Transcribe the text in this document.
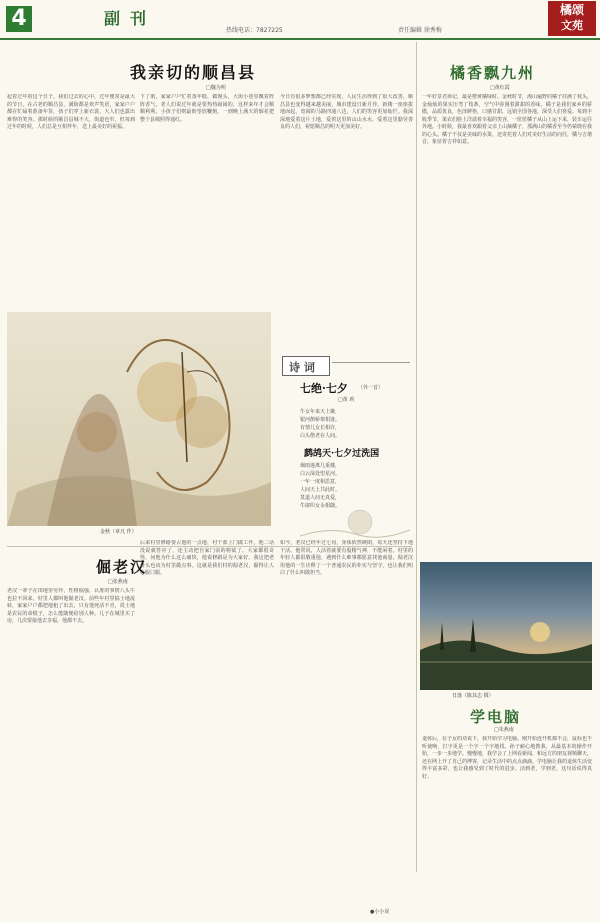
4	副刊
热线电话：7827225	责任编辑 徐秀梅
橘颂
文苑
我亲切的顺昌县
□魏为明
起着过年的这个日子，我们过去的心中，过年便常是最大的节日，在古老的顺昌县，满街都是欢声笑语，家家户户都在忙碌着准备年货，孩子们穿上新衣裳，大人们也露出难得的笑容。那时候的顺昌县城不大，街道也窄，但每到过年的时候，人们总是互相拜年，送上最美好的祝福。
下了雨，家家户户忙着蒸年糕，做馒头，大街小巷里飘着阵阵香气，老人们说过年就是要热热闹闹的，这样来年才会顺顺利利。小孩子们则最盼望放鞭炮，一到晚上满天的烟花把整个县城照得通红。
今日有很多梦想都已经实现，人民生活得到了很大改善，顺昌县也变得越来越美丽，城市建设日新月异，新楼一座座拔地而起，宽阔的马路四通八达，人们的笑容更加灿烂。我深深地爱着这片土地，爱着这里的山山水水，爱着这里勤劳善良的人们，祝愿顺昌的明天更加美好。
金秋（章凡 作）
诗 词
七绝·七夕 （外一首）
□黄 莉
牛女年来天上聚，
银河鹊桥架相逢。
有情儿女长相许，
白头偕老在人间。
鹧鸪天·七夕过洗国
烟雨迷离几重楼，
白云深处望星河。
一年一度相思意，
人间天上共此时。
莫道人间无真爱，
牛郎织女永相随。
橘香飘九州
□黄红霞
一年好景君须记，最是橙黄橘绿时。金秋时节，漫山遍野的橘子挂满了枝头，金灿灿的果实压弯了枝条，空气中弥漫着甜甜的香味。橘子是我们家乡的骄傲，品质优良，色泽鲜艳，口感甘甜，远销全国各地，深受人们喜爱。每到丰收季节，果农们脸上洋溢着幸福的笑容，一筐筐橘子从山上运下来，装车运往外地。小时候，我最喜欢跟着父亲上山摘橘子，那满山的橘香至今仍萦绕在我的心头。橘子不仅是美味的水果，还寄托着人们对美好生活的向往，橘与吉谐音，象征着吉祥如意。
倔老汉
□张燕南
老汉一辈子在田地里劳作，性格倔强，认准的事情八头牛也拉不回来。村里人都叫他倔老汉。前些年村里搞土地流转，家家户户都把地租了出去，只有他死活不肯，说土地是农民的命根子，怎么能随便给别人种。儿子在城里买了房，几次要接他去享福，他都不去。
后来村里修路要占他的一点地，村干部上门做工作，他二话没说就答应了，还主动把自家门前的树砍了。大家都很奇怪，问他为什么这么痛快，他说修路是为大家好，我这把老骨头也该为村里做点事。这就是我们村的倔老汉，倔得让人心服口服。
如今，老汉已经年过七旬，身体依然硬朗，每天还坚持下地干活。他常说，人活着就要有股精气神，不能闲着。村里的年轻人都很敬重他，遇到什么难事都愿意找他商量。倔老汉用他的一生诠释了一个普通农民的朴实与坚守，也让我们明白了什么叫做担当。
日落（陈其志 摄）
学电脑
□朱燕南
退休后，在子女的劝说下，我开始学习电脑。刚开始连开机都不会，鼠标也不听使唤，打字更是一个字一个字地找。孙子耐心地教我，从最基本的操作开始，一步一步地学。慢慢地，我学会了上网看新闻，和远方的朋友视频聊天，还在网上开了自己的博客，记录生活中的点点滴滴。学电脑让我的退休生活变得丰富多彩，也让我感受到了时代的进步。活到老，学到老，这句话说得真好。
●小小说
